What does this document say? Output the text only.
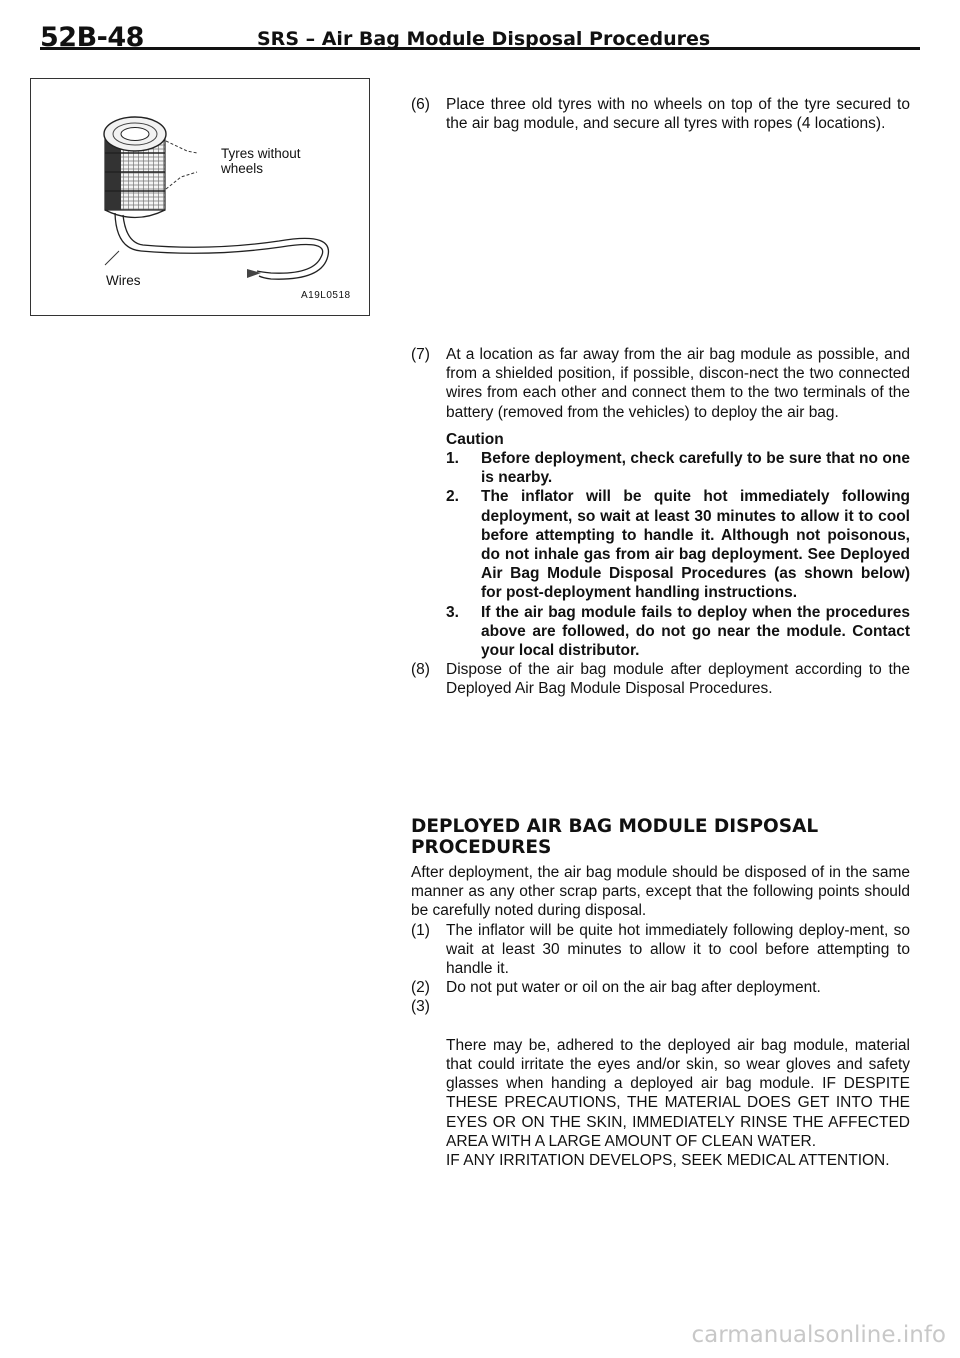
52B-48	SRS – Air Bag Module Disposal Procedures
Tyres without
wheels
Wires
A19L0518
(6) Place three old tyres with no wheels on top of the tyre secured to the air bag module, and secure all tyres with ropes (4 locations).
(7) At a location as far away from the air bag module as possible, and from a shielded position, if possible, discon-nect the two connected wires from each other and connect them to the two terminals of the battery (removed from the vehicles) to deploy the air bag.
Caution
1. Before deployment, check carefully to be sure that no one is nearby.
2. The inflator will be quite hot immediately following deployment, so wait at least 30 minutes to allow it to cool before attempting to handle it. Although not poisonous, do not inhale gas from air bag deployment. See Deployed Air Bag Module Disposal Procedures (as shown below) for post-deployment handling instructions.
3. If the air bag module fails to deploy when the procedures above are followed, do not go near the module. Contact your local distributor.
(8) Dispose of the air bag module after deployment according to the Deployed Air Bag Module Disposal Procedures.
DEPLOYED AIR BAG MODULE DISPOSAL PROCEDURES
After deployment, the air bag module should be disposed of in the same manner as any other scrap parts, except that the following points should be carefully noted during disposal.
(1) The inflator will be quite hot immediately following deploy-ment, so wait at least 30 minutes to allow it to cool before attempting to handle it.
(2) Do not put water or oil on the air bag after deployment.

(3)

There may be, adhered to the deployed air bag module, material that could irritate the eyes and/or skin, so wear gloves and safety glasses when handing a deployed air bag module. IF DESPITE THESE PRECAUTIONS, THE MATERIAL DOES GET INTO THE EYES OR ON THE SKIN, IMMEDIATELY RINSE THE AFFECTED AREA WITH A LARGE AMOUNT OF CLEAN WATER.
IF ANY IRRITATION DEVELOPS, SEEK MEDICAL ATTENTION.

carmanualsonline.info
